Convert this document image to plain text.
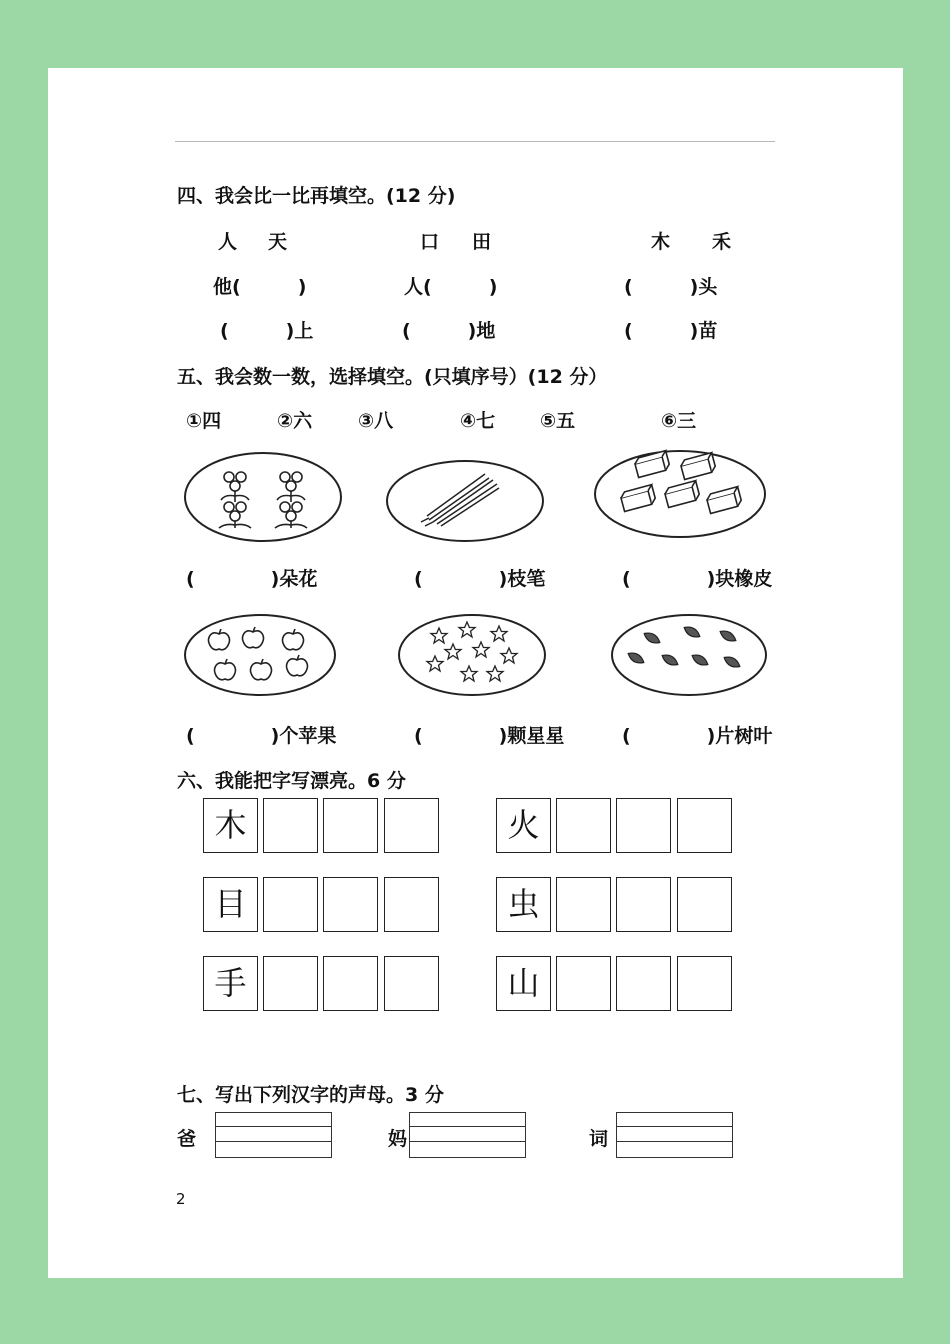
四、我会比一比再填空。(12 分)
人 天	口 田	木 禾
他(　　　)	人(　　　)	(　　　)头
(　　　)上	(　　　)地	(　　　)苗
五、我会数一数，选择填空。(只填序号）(12 分）
①四	②六 ③八	④七 ⑤五	⑥三
(　　　　)朵花	(　　　　)枝笔	(　　　　)块橡皮
(　　　　)个苹果	(　　　　)颗星星	(　　　　)片树叶
六、我能把字写漂亮。6 分
木	火
目	虫
手	山
七、写出下列汉字的声母。3 分
爸	妈	词
2
